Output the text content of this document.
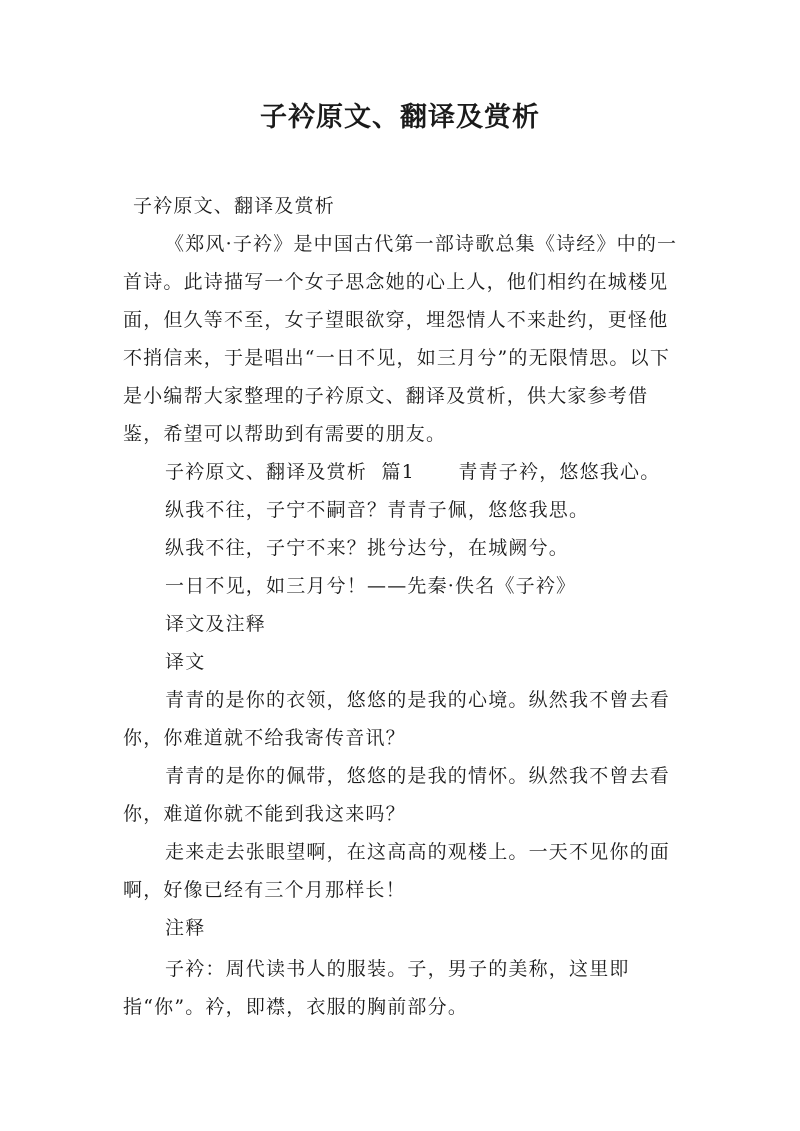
子衿原文、翻译及赏析

子衿原文、翻译及赏析

《郑风·子衿》是中国古代第一部诗歌总集《诗经》中的一首诗。此诗描写一个女子思念她的心上人，他们相约在城楼见面，但久等不至，女子望眼欲穿，埋怨情人不来赴约，更怪他不捎信来，于是唱出“一日不见，如三月兮”的无限情思。以下是小编帮大家整理的子衿原文、翻译及赏析，供大家参考借鉴，希望可以帮助到有需要的朋友。

子衿原文、翻译及赏析  篇1      青青子衿，悠悠我心。

纵我不往，子宁不嗣音？青青子佩，悠悠我思。

纵我不往，子宁不来？挑兮达兮，在城阙兮。

一日不见，如三月兮！——先秦·佚名《子衿》

译文及注释

译文

青青的是你的衣领，悠悠的是我的心境。纵然我不曾去看你，你难道就不给我寄传音讯？

青青的是你的佩带，悠悠的是我的情怀。纵然我不曾去看你，难道你就不能到我这来吗？

走来走去张眼望啊，在这高高的观楼上。一天不见你的面啊，好像已经有三个月那样长！

注释

子衿：周代读书人的服装。子，男子的美称，这里即指“你”。衿，即襟，衣服的胸前部分。
